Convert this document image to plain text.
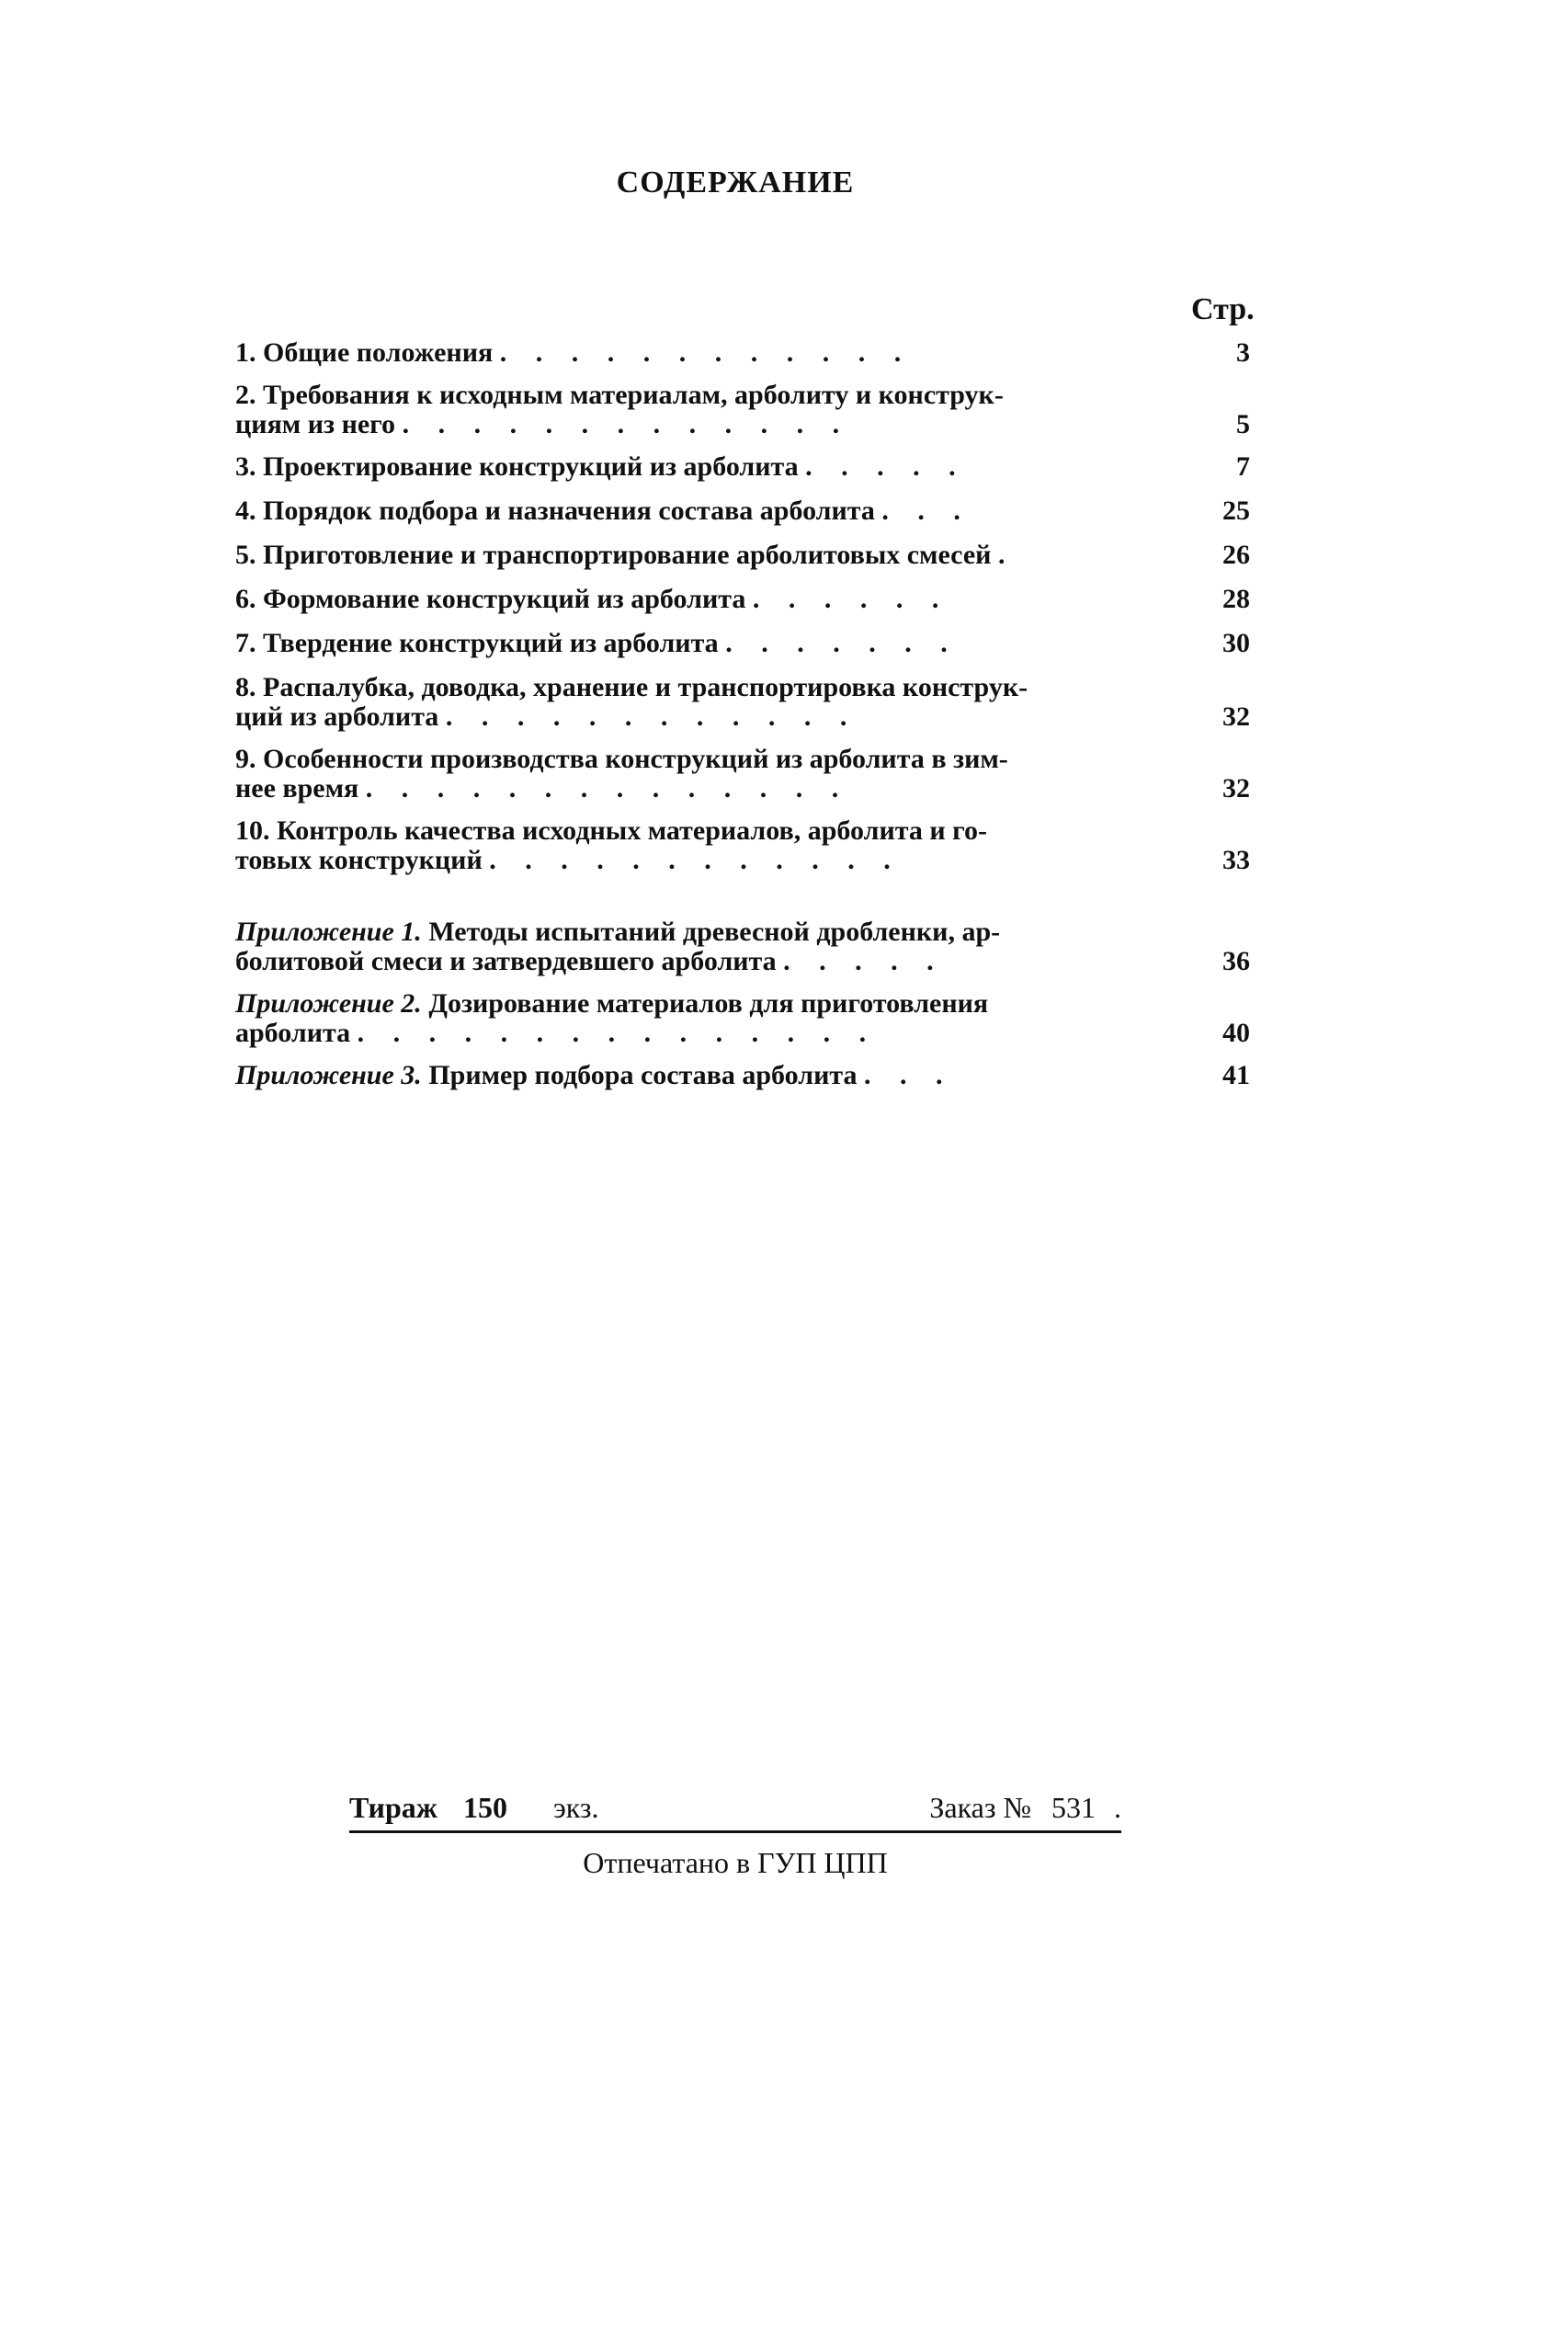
СОДЕРЖАНИЕ
Стр.
1. Общие положения . . . . . . . . . . . .	3
2. Требования к исходным материалам, арболиту и конструк-
циям из него . . . . . . . . . . . . .	5
3. Проектирование конструкций из арболита . . . . .	7
4. Порядок подбора и назначения состава арболита . . .	25
5. Приготовление и транспортирование арболитовых смесей .	26
6. Формование конструкций из арболита . . . . . .	28
7. Твердение конструкций из арболита . . . . . . .	30
8. Распалубка, доводка, хранение и транспортировка конструк-
ций из арболита . . . . . . . . . . . .	32
9. Особенности производства конструкций из арболита в зим-
нее время . . . . . . . . . . . . . .	32
10. Контроль качества исходных материалов, арболита и го-
товых конструкций . . . . . . . . . . . .	33
Приложение 1. Методы испытаний древесной дробленки, ар-
болитовой смеси и затвердевшего арболита . . . . .	36
Приложение 2. Дозирование материалов для приготовления
арболита . . . . . . . . . . . . . . .	40
Приложение 3. Пример подбора состава арболита . . .	41
Тираж 150 экз.	Заказ № 531 .
Отпечатано в ГУП ЦПП
